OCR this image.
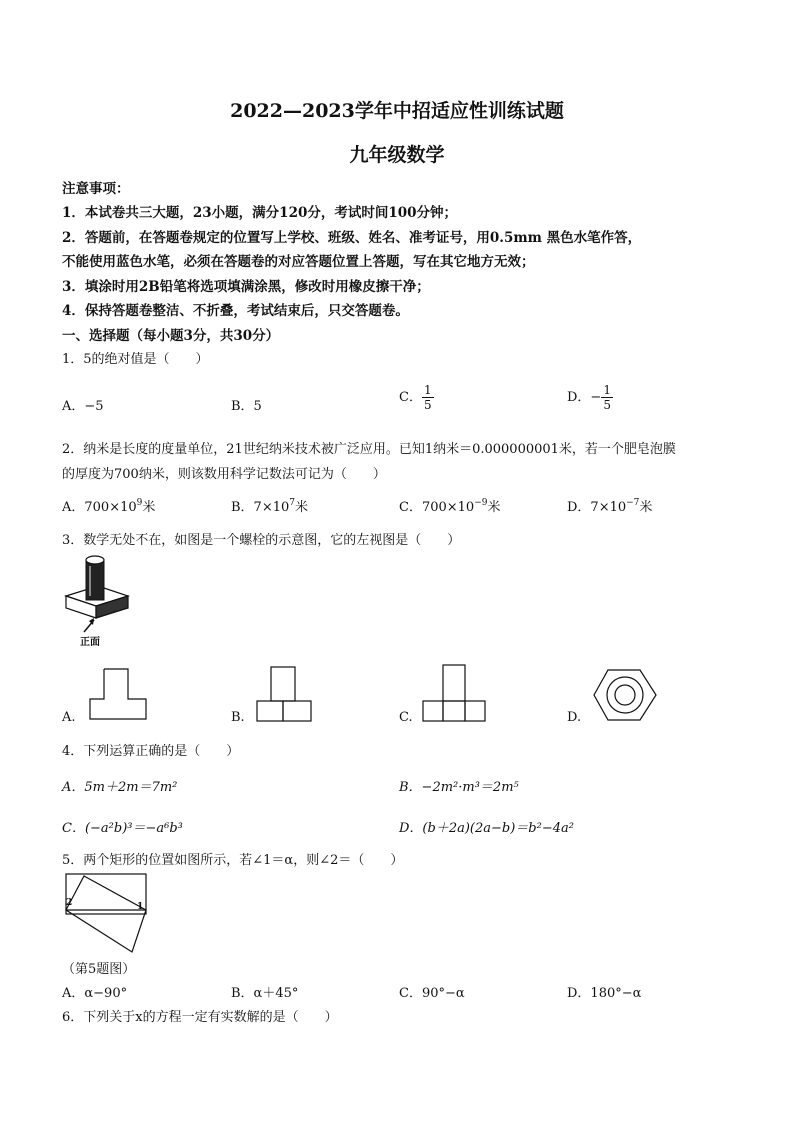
2022—2023学年中招适应性训练试题
九年级数学
注意事项：
1．本试卷共三大题，23小题，满分120分，考试时间100分钟；
2．答题前，在答题卷规定的位置写上学校、班级、姓名、准考证号，用0.5mm 黑色水笔作答，
不能使用蓝色水笔，必须在答题卷的对应答题位置上答题，写在其它地方无效；
3．填涂时用2B铅笔将选项填满涂黑，修改时用橡皮擦干净；
4．保持答题卷整洁、不折叠，考试结束后，只交答题卷。
一、选择题（每小题3分，共30分）
1．5的绝对值是（　　）
A．−5	B．5
C． $\frac{1}{5}$	D．− $\frac{1}{5}$
2．纳米是长度的度量单位，21世纪纳米技术被广泛应用。已知1纳米＝0.000000001米，若一个肥皂泡膜
的厚度为700纳米，则该数用科学记数法可记为（　　）
A．$700\times 10^9$米	B．$7\times 10^7$米	C．$700\times 10^{-9}$米	D．$7\times 10^{-7}$米
3．数学无处不在，如图是一个螺栓的示意图，它的左视图是（　　）
正面
A.	B.	C.	D.
4．下列运算正确的是（　　）
A．5m＋2m＝7m²	B．−2m²·m³＝2m⁵
C．(−a²b)³＝−a⁶b³	D．(b＋2a)(2a−b)＝b²−4a²
5．两个矩形的位置如图所示，若∠1＝α，则∠2＝（　　）
2	1
（第5题图）
A．α−90°	B．α＋45°	C．90°−α	D．180°−α
6．下列关于x的方程一定有实数解的是（　　）
